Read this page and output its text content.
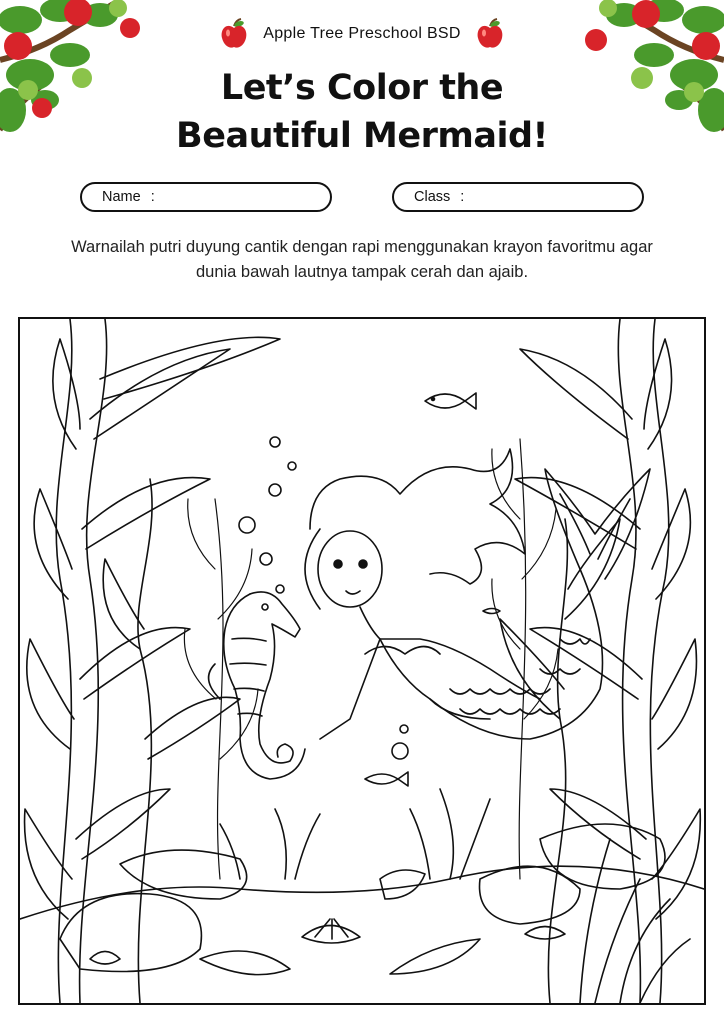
Apple Tree Preschool BSD
Let’s Color the
Beautiful Mermaid!
Name :	Class :
Warnailah putri duyung cantik dengan rapi menggunakan krayon favoritmu agar dunia bawah lautnya tampak cerah dan ajaib.
